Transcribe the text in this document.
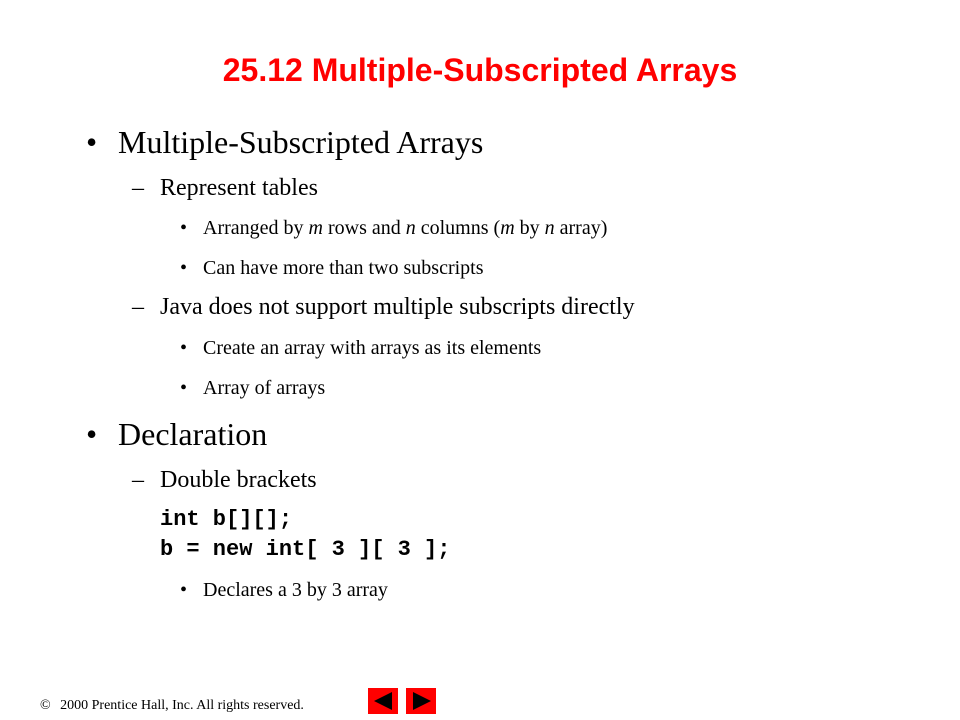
25.12 Multiple-Subscripted Arrays
• Multiple-Subscripted Arrays
– Represent tables
• Arranged by m rows and n columns (m by n array)
• Can have more than two subscripts
– Java does not support multiple subscripts directly
• Create an array with arrays as its elements
• Array of arrays
• Declaration
– Double brackets
int b[][];
b = new int[ 3 ][ 3 ];
• Declares a 3 by 3 array
© 2000 Prentice Hall, Inc. All rights reserved.
